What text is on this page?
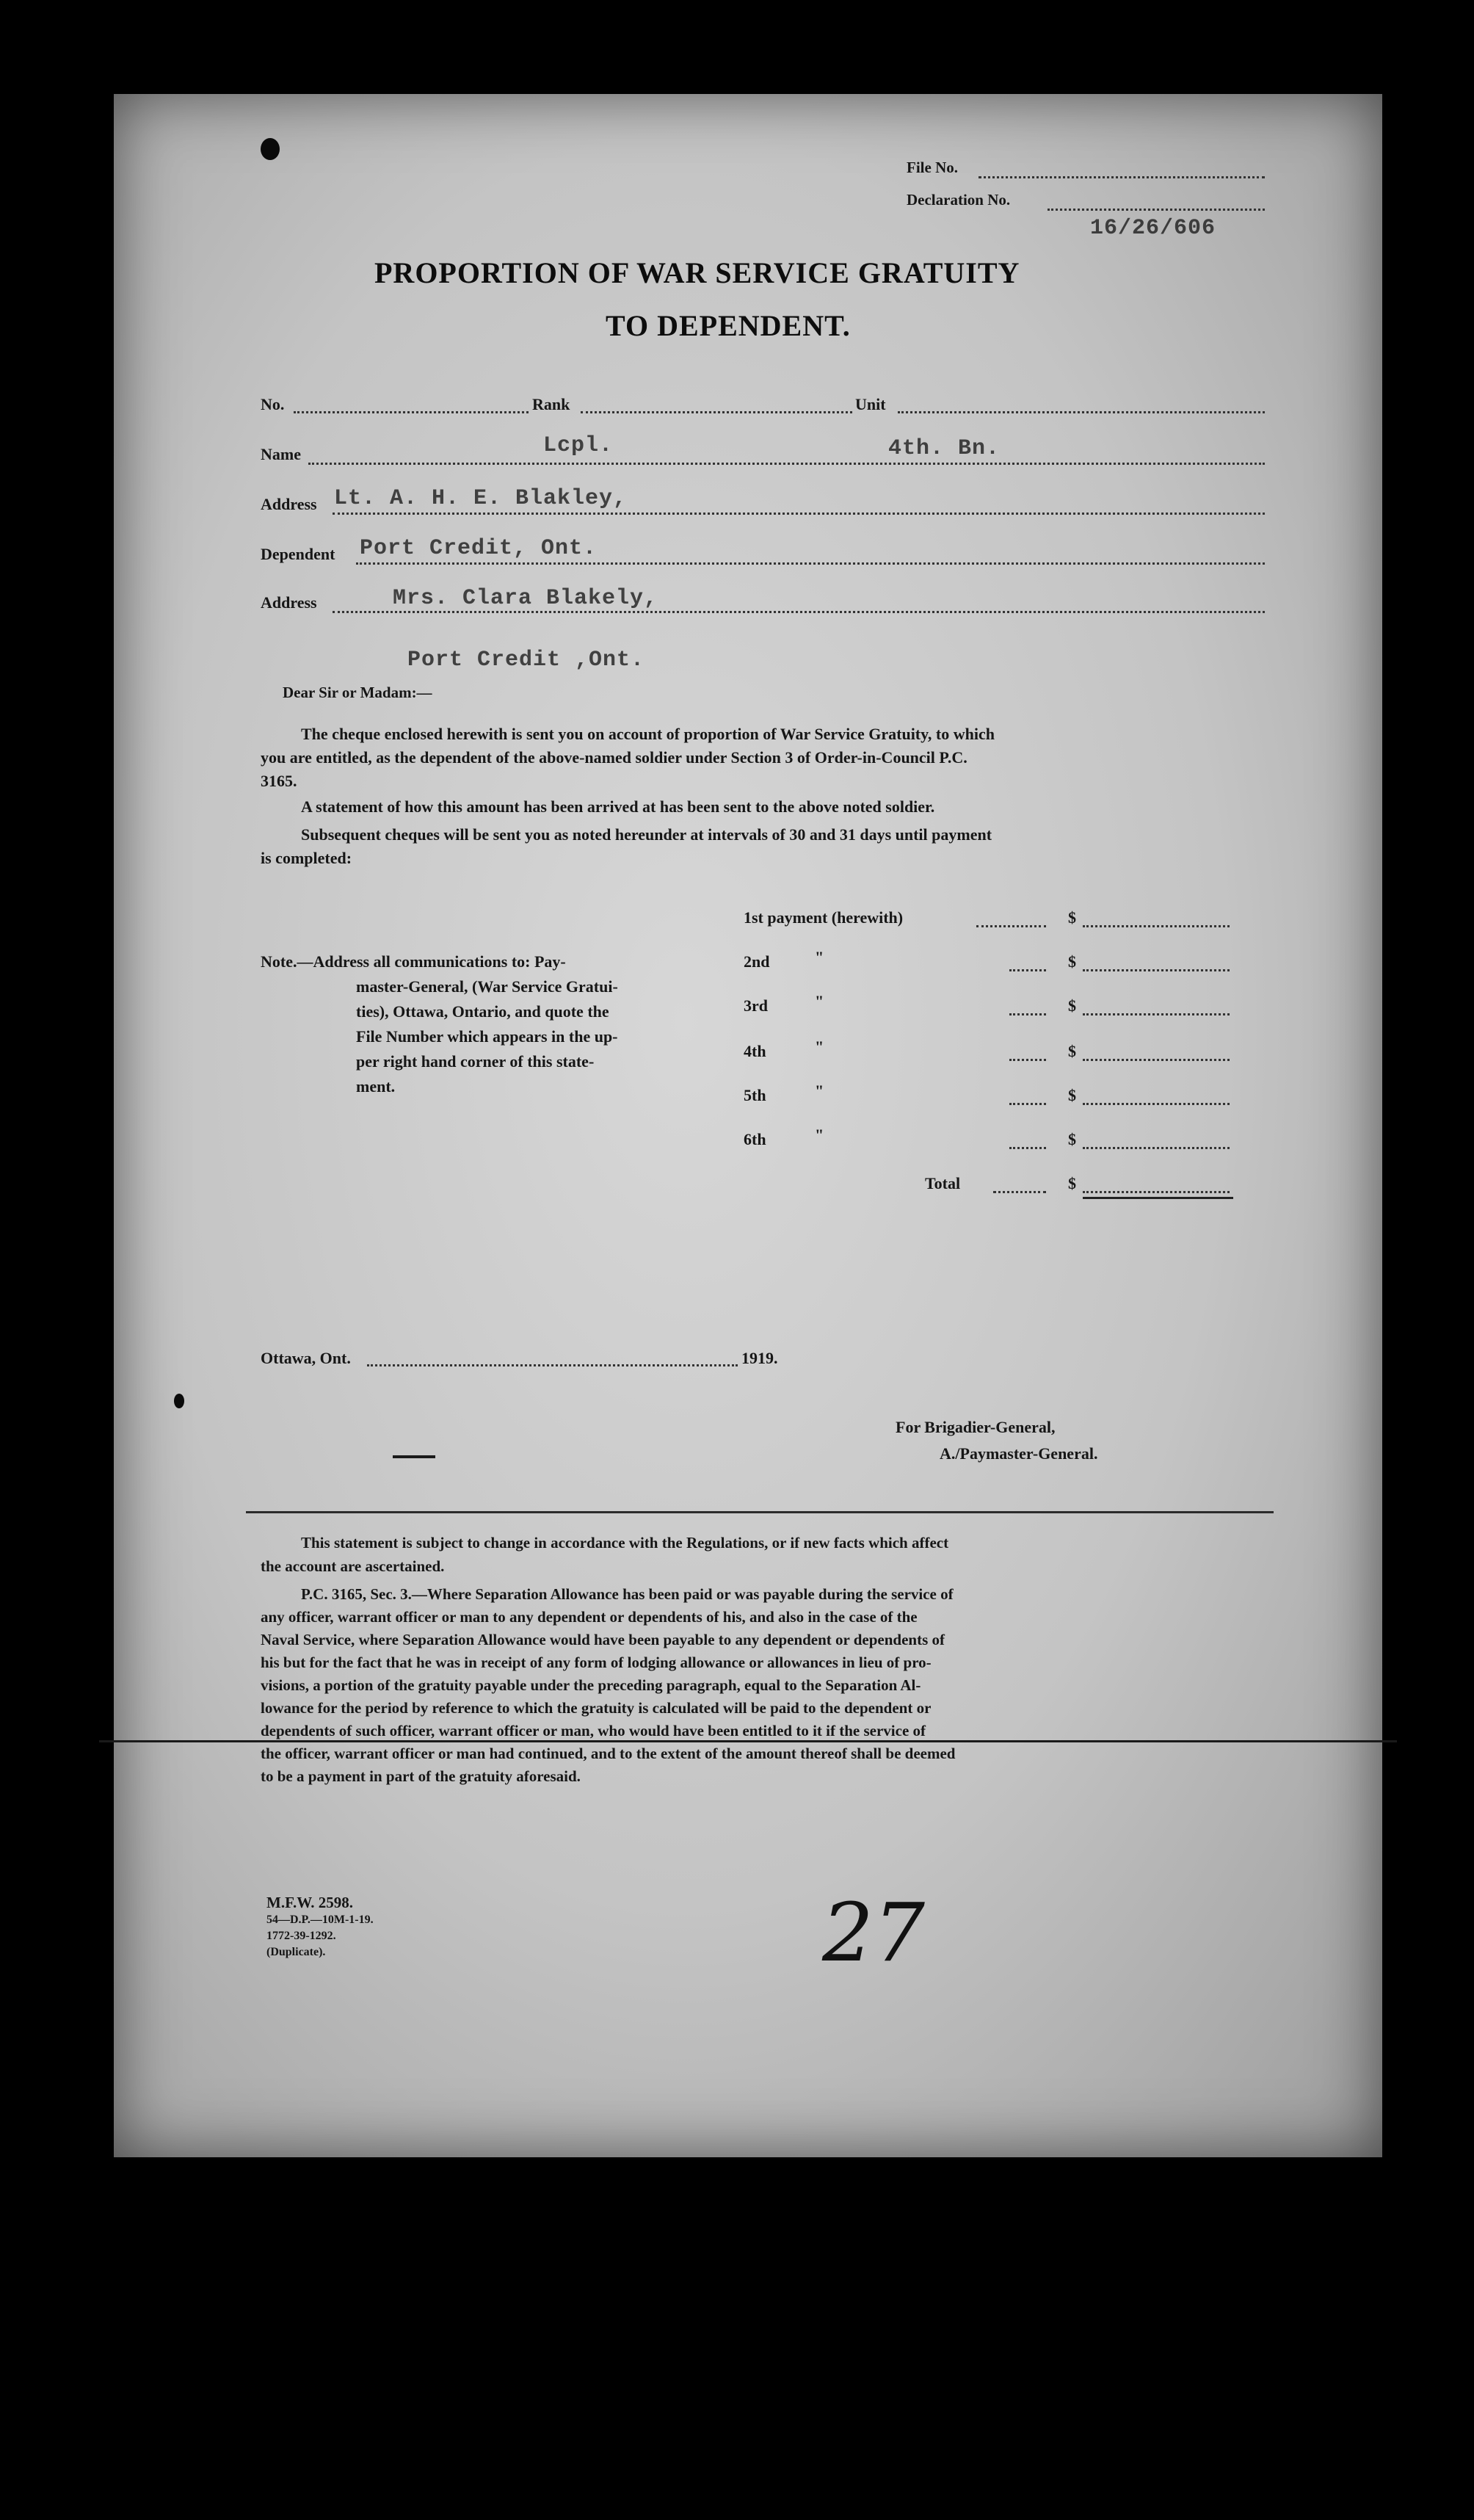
File No.
Declaration No.
16/26/606
PROPORTION OF WAR SERVICE GRATUITY
TO DEPENDENT.
No.	Rank	Unit
Name	Lcpl.	4th. Bn.
Address Lt. A. H. E. Blakley,
Dependent Port Credit, Ont.
Address	Mrs. Clara Blakely,
Port Credit ,Ont.
Dear Sir or Madam:—
The cheque enclosed herewith is sent you on account of proportion of War Service Gratuity, to which
you are entitled, as the dependent of the above-named soldier under Section 3 of Order-in-Council P.C.
3165.
A statement of how this amount has been arrived at has been sent to the above noted soldier.
Subsequent cheques will be sent you as noted hereunder at intervals of 30 and 31 days until payment
is completed:
Note.—Address all communications to: Pay-
master-General, (War Service Gratui-
ties), Ottawa, Ontario, and quote the
File Number which appears in the up-
per right hand corner of this state-
ment.
1st payment (herewith)	$
2nd	"	$
3rd	"	$
4th	"	$
5th	"	$
6th	"	$
Total	$
Ottawa, Ont.	1919.
For Brigadier-General,
A./Paymaster-General.
This statement is subject to change in accordance with the Regulations, or if new facts which affect
the account are ascertained.
P.C. 3165, Sec. 3.—Where Separation Allowance has been paid or was payable during the service of
any officer, warrant officer or man to any dependent or dependents of his, and also in the case of the
Naval Service, where Separation Allowance would have been payable to any dependent or dependents of
his but for the fact that he was in receipt of any form of lodging allowance or allowances in lieu of pro-
visions, a portion of the gratuity payable under the preceding paragraph, equal to the Separation Al-
lowance for the period by reference to which the gratuity is calculated will be paid to the dependent or
dependents of such officer, warrant officer or man, who would have been entitled to it if the service of
the officer, warrant officer or man had continued, and to the extent of the amount thereof shall be deemed
to be a payment in part of the gratuity aforesaid.
M.F.W. 2598.
54—D.P.—10M-1-19.
1772-39-1292.
(Duplicate).	27
